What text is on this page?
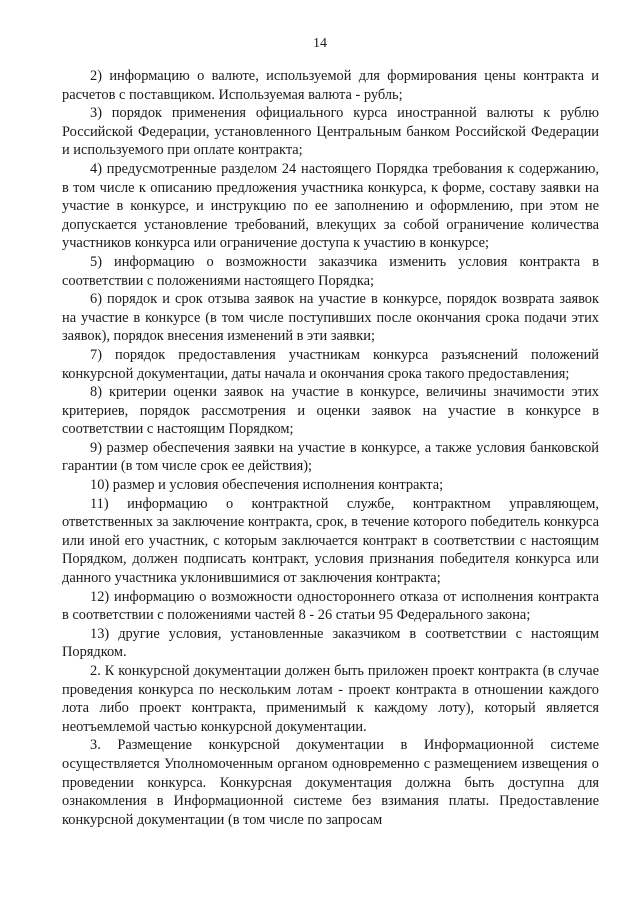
14

2) информацию о валюте, используемой для формирования цены контракта и расчетов с поставщиком. Используемая валюта - рубль;

3) порядок применения официального курса иностранной валюты к рублю Российской Федерации, установленного Центральным банком Российской Федерации и используемого при оплате контракта;

4) предусмотренные разделом 24 настоящего Порядка требования к содержанию, в том числе к описанию предложения участника конкурса, к форме, составу заявки на участие в конкурсе, и инструкцию по ее заполнению и оформлению, при этом не допускается установление требований, влекущих за собой ограничение количества участников конкурса или ограничение доступа к участию в конкурсе;

5) информацию о возможности заказчика изменить условия контракта в соответствии с положениями настоящего Порядка;

6) порядок и срок отзыва заявок на участие в конкурсе, порядок возврата заявок на участие в конкурсе (в том числе поступивших после окончания срока подачи этих заявок), порядок внесения изменений в эти заявки;

7) порядок предоставления участникам конкурса разъяснений положений конкурсной документации, даты начала и окончания срока такого предоставления;

8) критерии оценки заявок на участие в конкурсе, величины значимости этих критериев, порядок рассмотрения и оценки заявок на участие в конкурсе в соответствии с настоящим Порядком;

9) размер обеспечения заявки на участие в конкурсе, а также условия банковской гарантии (в том числе срок ее действия);

10) размер и условия обеспечения исполнения контракта;

11) информацию о контрактной службе, контрактном управляющем, ответственных за заключение контракта, срок, в течение которого победитель конкурса или иной его участник, с которым заключается контракт в соответствии с настоящим Порядком, должен подписать контракт, условия признания победителя конкурса или данного участника уклонившимися от заключения контракта;

12) информацию о возможности одностороннего отказа от исполнения контракта в соответствии с положениями частей 8 - 26 статьи 95 Федерального закона;

13) другие условия, установленные заказчиком в соответствии с настоящим Порядком.

2. К конкурсной документации должен быть приложен проект контракта (в случае проведения конкурса по нескольким лотам - проект контракта в отношении каждого лота либо проект контракта, применимый к каждому лоту), который является неотъемлемой частью конкурсной документации.

3. Размещение конкурсной документации в Информационной системе осуществляется Уполномоченным органом одновременно с размещением извещения о проведении конкурса. Конкурсная документация должна быть доступна для ознакомления в Информационной системе без взимания платы. Предоставление конкурсной документации (в том числе по запросам
